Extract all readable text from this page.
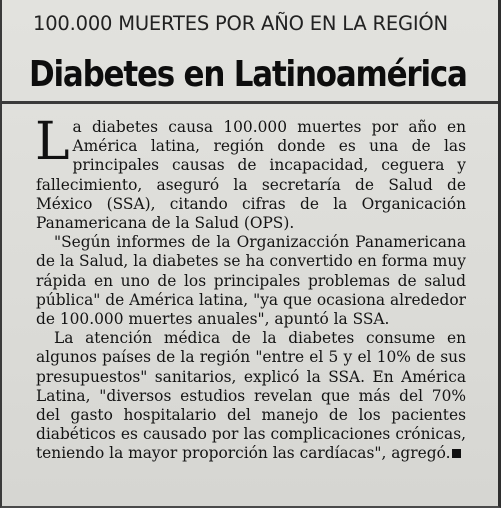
100.000 MUERTES POR AÑO EN LA REGIÓN
Diabetes en Latinoamérica

La diabetes causa 100.000 muertes por año en América latina, región donde es una de las principales causas de incapacidad, ceguera y fallecimiento, aseguró la secretaría de Salud de México (SSA), citando cifras de la Organicación Panamericana de la Salud (OPS).

"Según informes de la Organizacción Panamericana de la Salud, la diabetes se ha convertido en forma muy rápida en uno de los principales problemas de salud pública" de América latina, "ya que ocasiona alrededor de 100.000 muertes anuales", apuntó la SSA.

La atención médica de la diabetes consume en algunos países de la región "entre el 5 y el 10% de sus presupuestos" sanitarios, explicó la SSA. En América Latina, "diversos estudios revelan que más del 70% del gasto hospitalario del manejo de los pacientes diabéticos es causado por las complicaciones crónicas, teniendo la mayor proporción las cardíacas", agregó.
